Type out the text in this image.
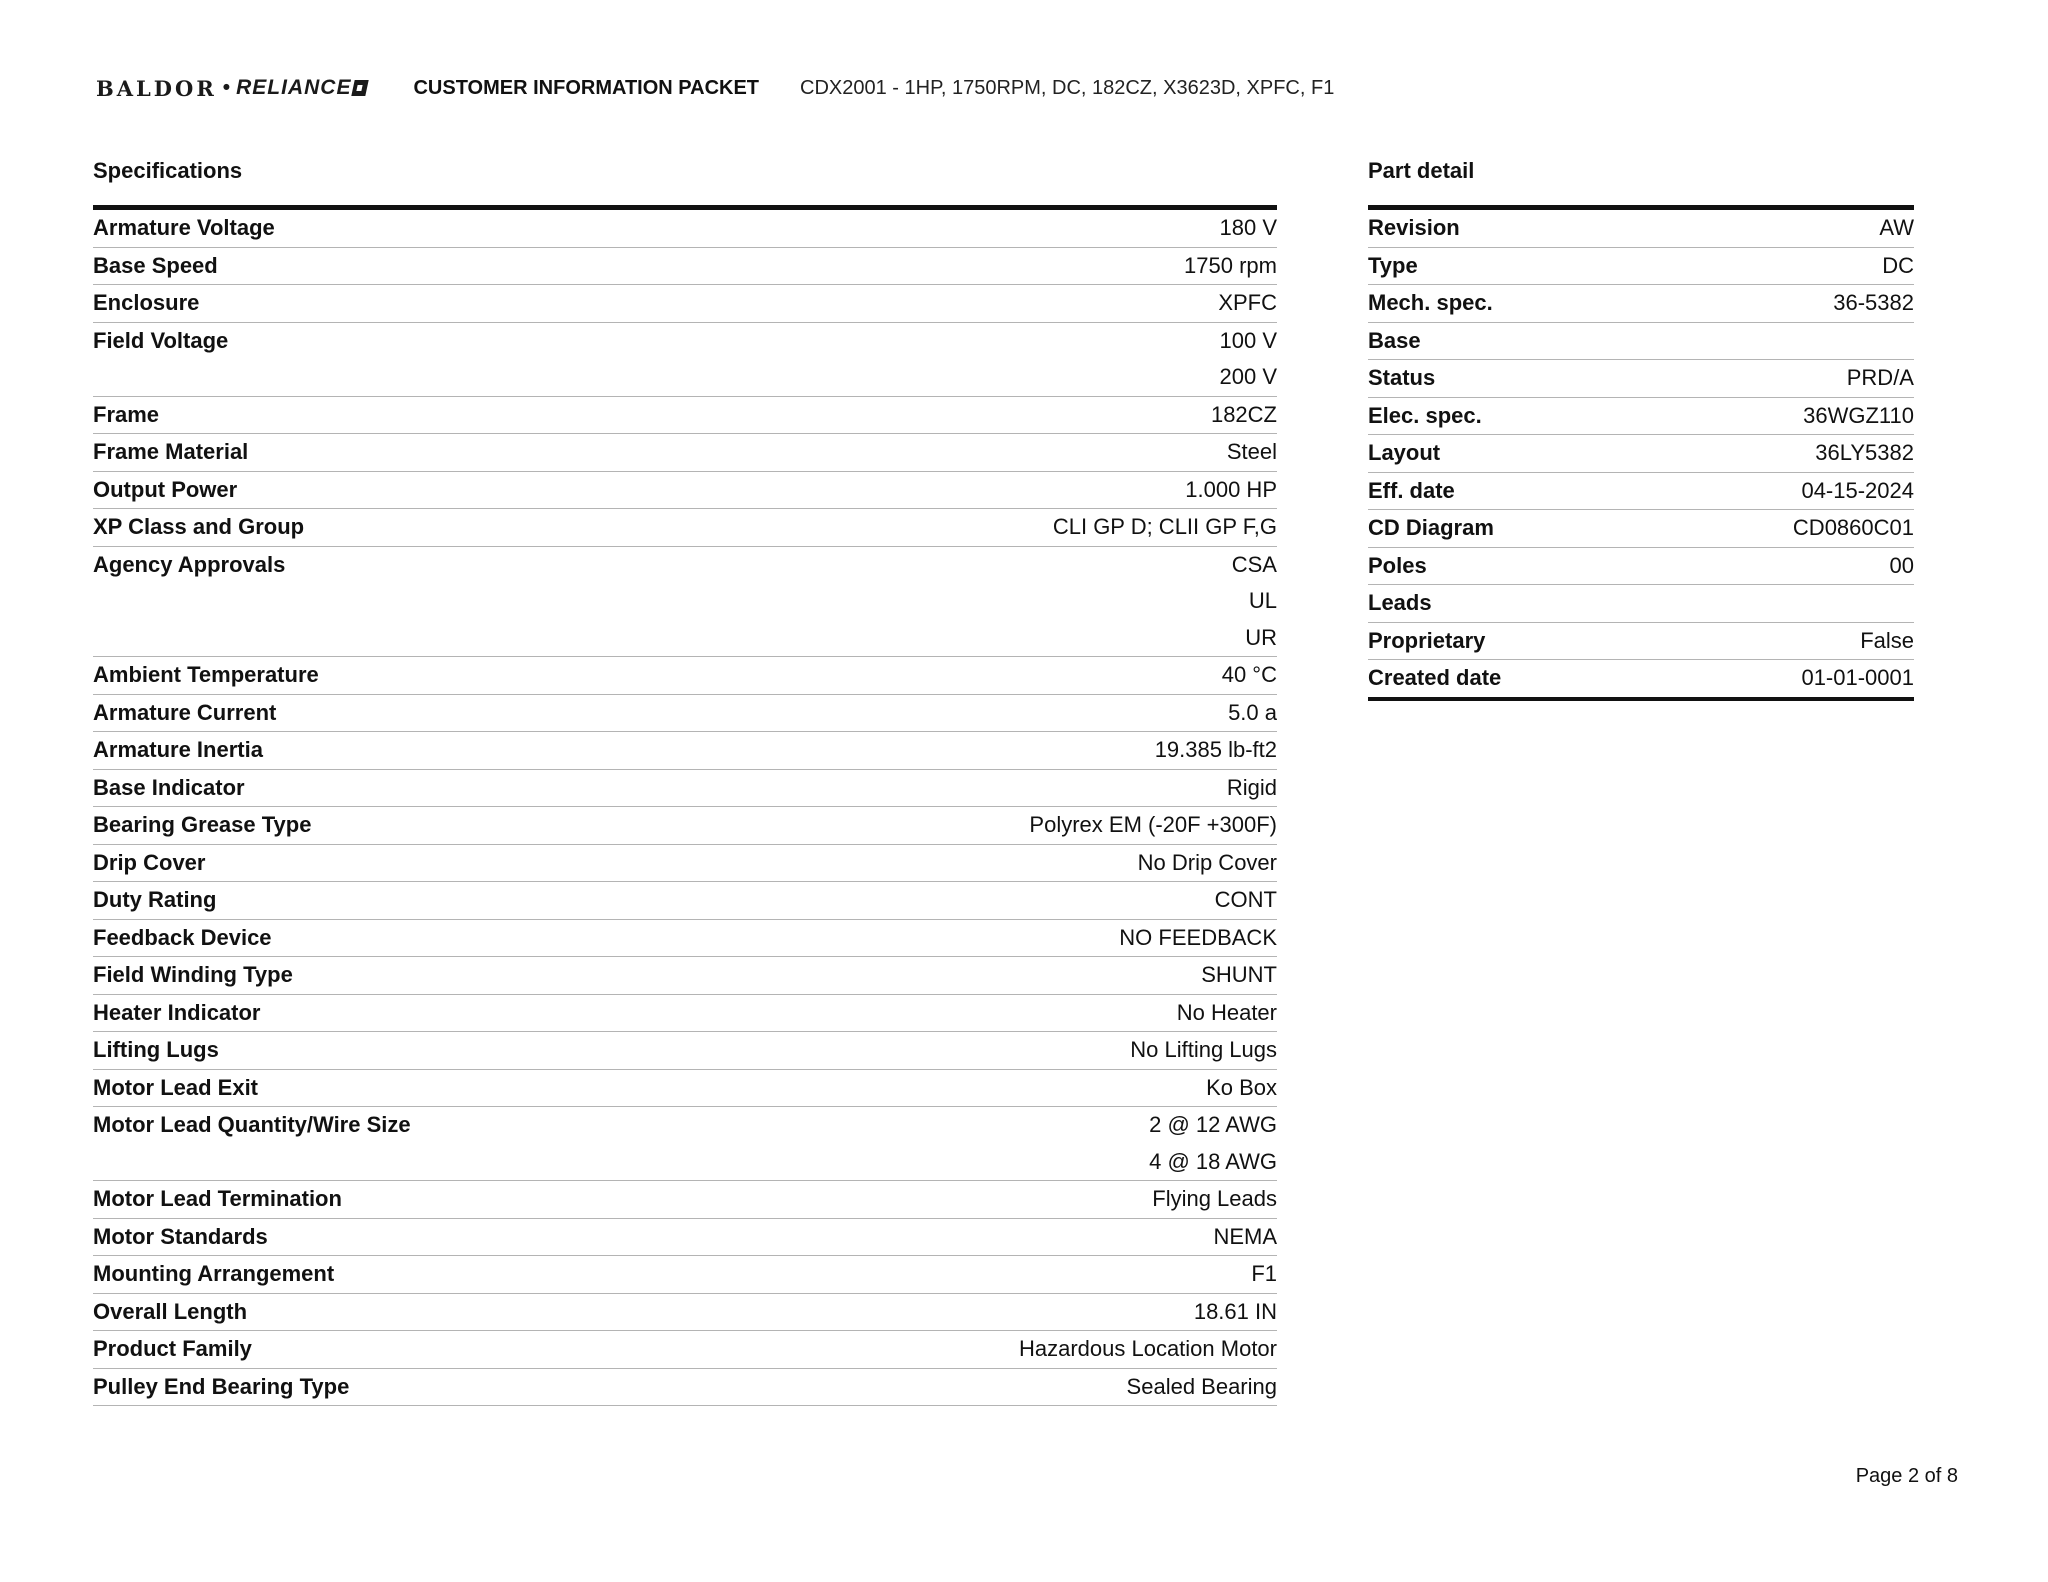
BALDOR • RELIANCE	CUSTOMER INFORMATION PACKET CDX2001 - 1HP, 1750RPM, DC, 182CZ, X3623D, XPFC, F1
Specifications
Armature Voltage	180 V
Base Speed	1750 rpm
Enclosure	XPFC
Field Voltage	100 V
200 V
Frame	182CZ
Frame Material	Steel
Output Power	1.000 HP
XP Class and Group	CLI GP D; CLII GP F,G
Agency Approvals	CSA
UL
UR
Ambient Temperature	40 °C
Armature Current	5.0 a
Armature Inertia	19.385 lb-ft2
Base Indicator	Rigid
Bearing Grease Type	Polyrex EM (-20F +300F)
Drip Cover	No Drip Cover
Duty Rating	CONT
Feedback Device	NO FEEDBACK
Field Winding Type	SHUNT
Heater Indicator	No Heater
Lifting Lugs	No Lifting Lugs
Motor Lead Exit	Ko Box
Motor Lead Quantity/Wire Size	2 @ 12 AWG
4 @ 18 AWG
Motor Lead Termination	Flying Leads
Motor Standards	NEMA
Mounting Arrangement	F1
Overall Length	18.61 IN
Product Family	Hazardous Location Motor
Pulley End Bearing Type	Sealed Bearing
Part detail
Revision	AW
Type	DC
Mech. spec.	36-5382
Base
Status	PRD/A
Elec. spec.	36WGZ110
Layout	36LY5382
Eff. date	04-15-2024
CD Diagram	CD0860C01
Poles	00
Leads
Proprietary	False
Created date	01-01-0001
Page 2 of 8
